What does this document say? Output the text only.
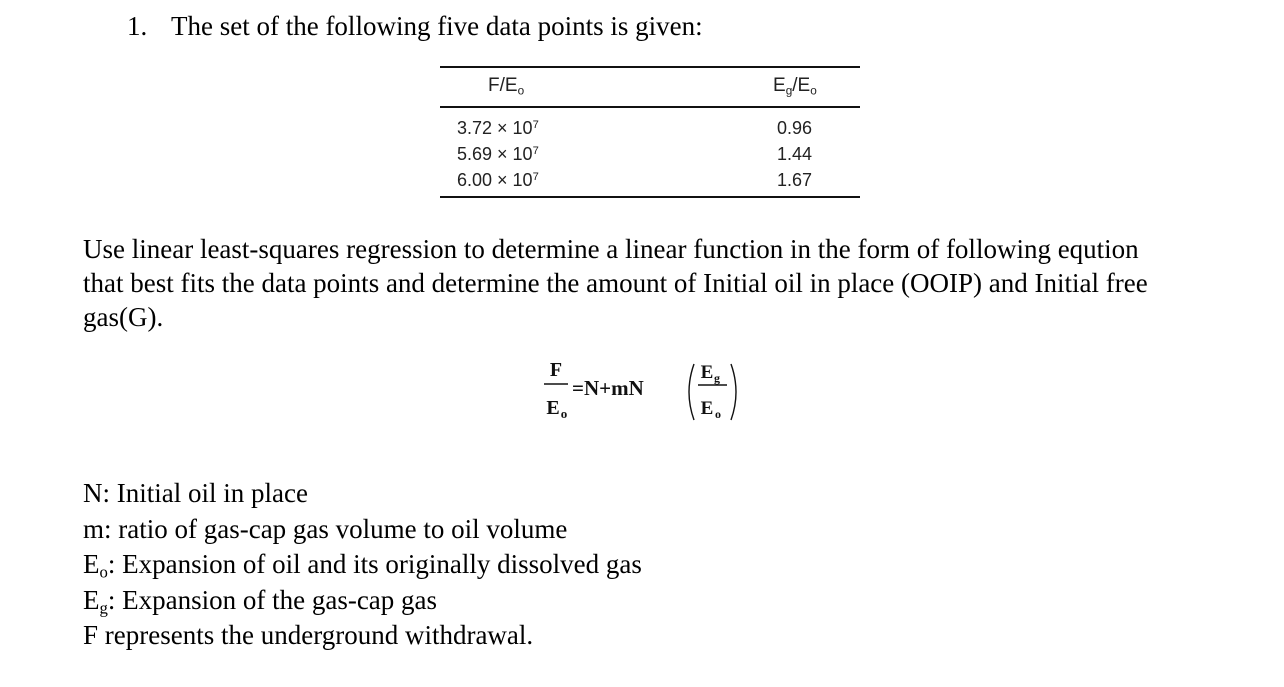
1. The set of the following five data points is given:
$F/E_o$	$E_g/E_o$
$3.72 \times 10^7$	0.96
$5.69 \times 10^7$	1.44
$6.00 \times 10^7$	1.67
Use linear least-squares regression to determine a linear function in the form of following eqution
that best fits the data points and determine the amount of Initial oil in place (OOIP) and Initial free
gas(G).
F
E o
=N+mN
E g
E o
N: Initial oil in place
m: ratio of gas-cap gas volume to oil volume
$E_o$: Expansion of oil and its originally dissolved gas
$E_g$: Expansion of the gas-cap gas
F represents the underground withdrawal.
